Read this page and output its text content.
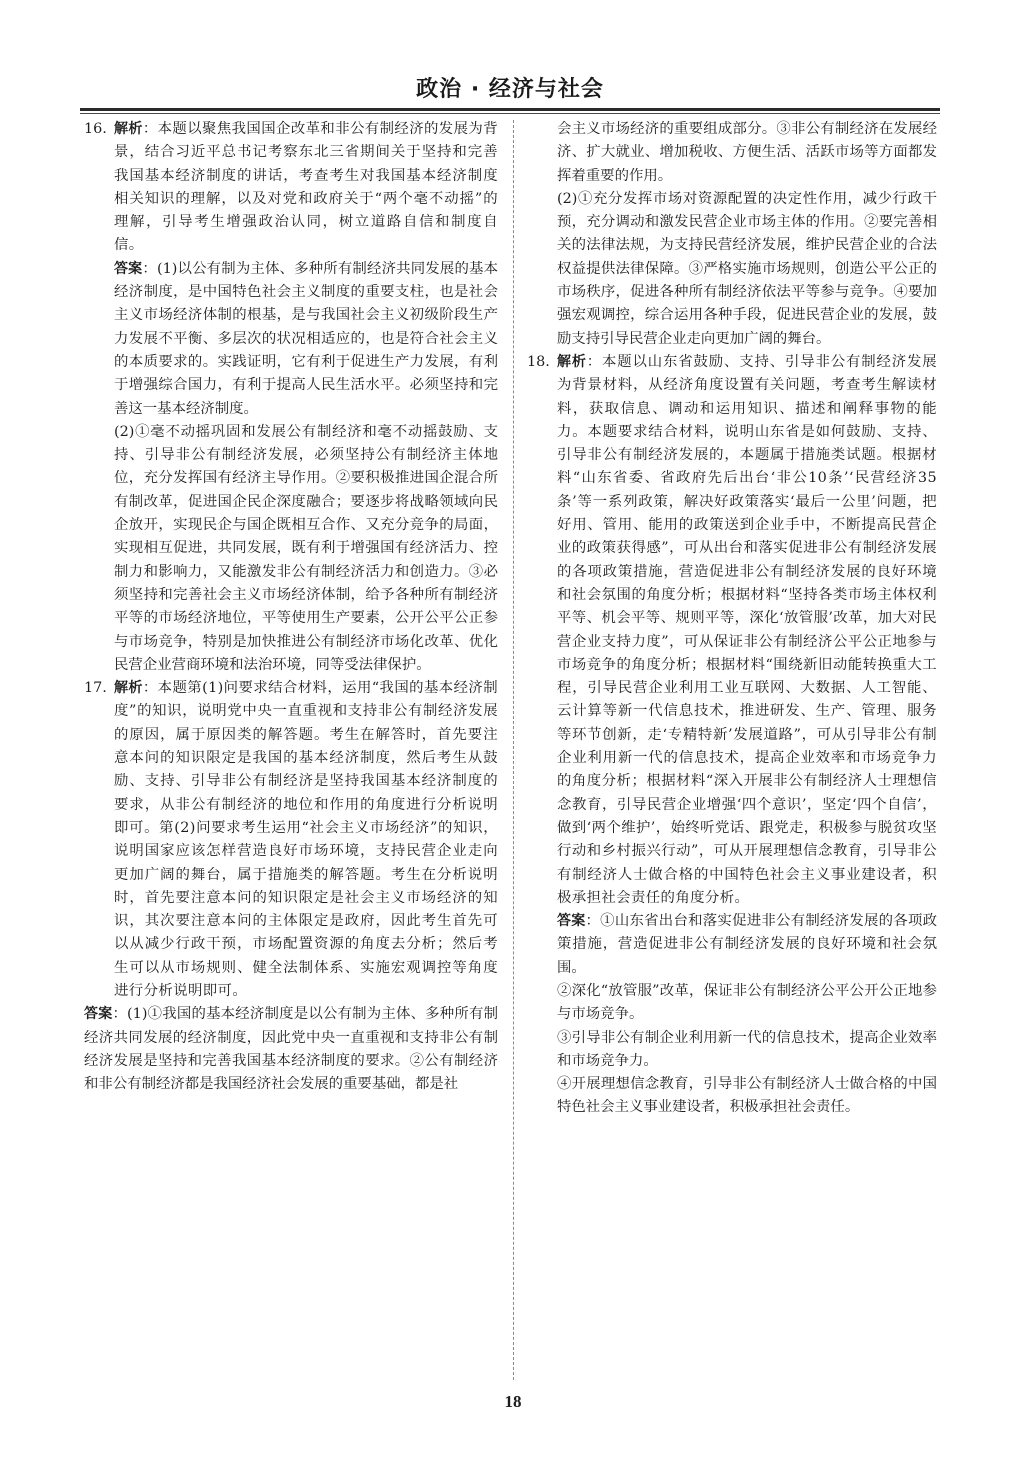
政治 · 经济与社会
16. 解析：本题以聚焦我国国企改革和非公有制经济的发展为背景，结合习近平总书记考察东北三省期间关于坚持和完善我国基本经济制度的讲话，考查考生对我国基本经济制度相关知识的理解，以及对党和政府关于“两个毫不动摇”的理解，引导考生增强政治认同，树立道路自信和制度自信。

答案：(1)以公有制为主体、多种所有制经济共同发展的基本经济制度，是中国特色社会主义制度的重要支柱，也是社会主义市场经济体制的根基，是与我国社会主义初级阶段生产力发展不平衡、多层次的状况相适应的，也是符合社会主义的本质要求的。实践证明，它有利于促进生产力发展，有利于增强综合国力，有利于提高人民生活水平。必须坚持和完善这一基本经济制度。

(2)①毫不动摇巩固和发展公有制经济和毫不动摇鼓励、支持、引导非公有制经济发展，必须坚持公有制经济主体地位，充分发挥国有经济主导作用。②要积极推进国企混合所有制改革，促进国企民企深度融合；要逐步将战略领域向民企放开，实现民企与国企既相互合作、又充分竞争的局面，实现相互促进，共同发展，既有利于增强国有经济活力、控制力和影响力，又能激发非公有制经济活力和创造力。③必须坚持和完善社会主义市场经济体制，给予各种所有制经济平等的市场经济地位，平等使用生产要素，公开公平公正参与市场竞争，特别是加快推进公有制经济市场化改革、优化民营企业营商环境和法治环境，同等受法律保护。

17. 解析：本题第(1)问要求结合材料，运用“我国的基本经济制度”的知识，说明党中央一直重视和支持非公有制经济发展的原因，属于原因类的解答题。考生在解答时，首先要注意本问的知识限定是我国的基本经济制度，然后考生从鼓励、支持、引导非公有制经济是坚持我国基本经济制度的要求，从非公有制经济的地位和作用的角度进行分析说明即可。第(2)问要求考生运用“社会主义市场经济”的知识，说明国家应该怎样营造良好市场环境，支持民营企业走向更加广阔的舞台，属于措施类的解答题。考生在分析说明时，首先要注意本问的知识限定是社会主义市场经济的知识，其次要注意本问的主体限定是政府，因此考生首先可以从减少行政干预，市场配置资源的角度去分析；然后考生可以从市场规则、健全法制体系、实施宏观调控等角度进行分析说明即可。

答案：(1)①我国的基本经济制度是以公有制为主体、多种所有制经济共同发展的经济制度，因此党中央一直重视和支持非公有制经济发展是坚持和完善我国基本经济制度的要求。②公有制经济和非公有制经济都是我国经济社会发展的重要基础，都是社

会主义市场经济的重要组成部分。③非公有制经济在发展经济、扩大就业、增加税收、方便生活、活跃市场等方面都发挥着重要的作用。

(2)①充分发挥市场对资源配置的决定性作用，减少行政干预，充分调动和激发民营企业市场主体的作用。②要完善相关的法律法规，为支持民营经济发展，维护民营企业的合法权益提供法律保障。③严格实施市场规则，创造公平公正的市场秩序，促进各种所有制经济依法平等参与竞争。④要加强宏观调控，综合运用各种手段，促进民营企业的发展，鼓励支持引导民营企业走向更加广阔的舞台。

18. 解析：本题以山东省鼓励、支持、引导非公有制经济发展为背景材料，从经济角度设置有关问题，考查考生解读材料，获取信息、调动和运用知识、描述和阐释事物的能力。本题要求结合材料，说明山东省是如何鼓励、支持、引导非公有制经济发展的，本题属于措施类试题。根据材料“山东省委、省政府先后出台‘非公10条’‘民营经济35条’等一系列政策，解决好政策落实‘最后一公里’问题，把好用、管用、能用的政策送到企业手中，不断提高民营企业的政策获得感”，可从出台和落实促进非公有制经济发展的各项政策措施，营造促进非公有制经济发展的良好环境和社会氛围的角度分析；根据材料“坚持各类市场主体权利平等、机会平等、规则平等，深化‘放管服’改革，加大对民营企业支持力度”，可从保证非公有制经济公平公正地参与市场竞争的角度分析；根据材料“围绕新旧动能转换重大工程，引导民营企业利用工业互联网、大数据、人工智能、云计算等新一代信息技术，推进研发、生产、管理、服务等环节创新，走‘专精特新’发展道路”，可从引导非公有制企业利用新一代的信息技术，提高企业效率和市场竞争力的角度分析；根据材料“深入开展非公有制经济人士理想信念教育，引导民营企业增强‘四个意识’，坚定‘四个自信’，做到‘两个维护’，始终听党话、跟党走，积极参与脱贫攻坚行动和乡村振兴行动”，可从开展理想信念教育，引导非公有制经济人士做合格的中国特色社会主义事业建设者，积极承担社会责任的角度分析。

答案：①山东省出台和落实促进非公有制经济发展的各项政策措施，营造促进非公有制经济发展的良好环境和社会氛围。

②深化“放管服”改革，保证非公有制经济公平公开公正地参与市场竞争。

③引导非公有制企业利用新一代的信息技术，提高企业效率和市场竞争力。

④开展理想信念教育，引导非公有制经济人士做合格的中国特色社会主义事业建设者，积极承担社会责任。

18
